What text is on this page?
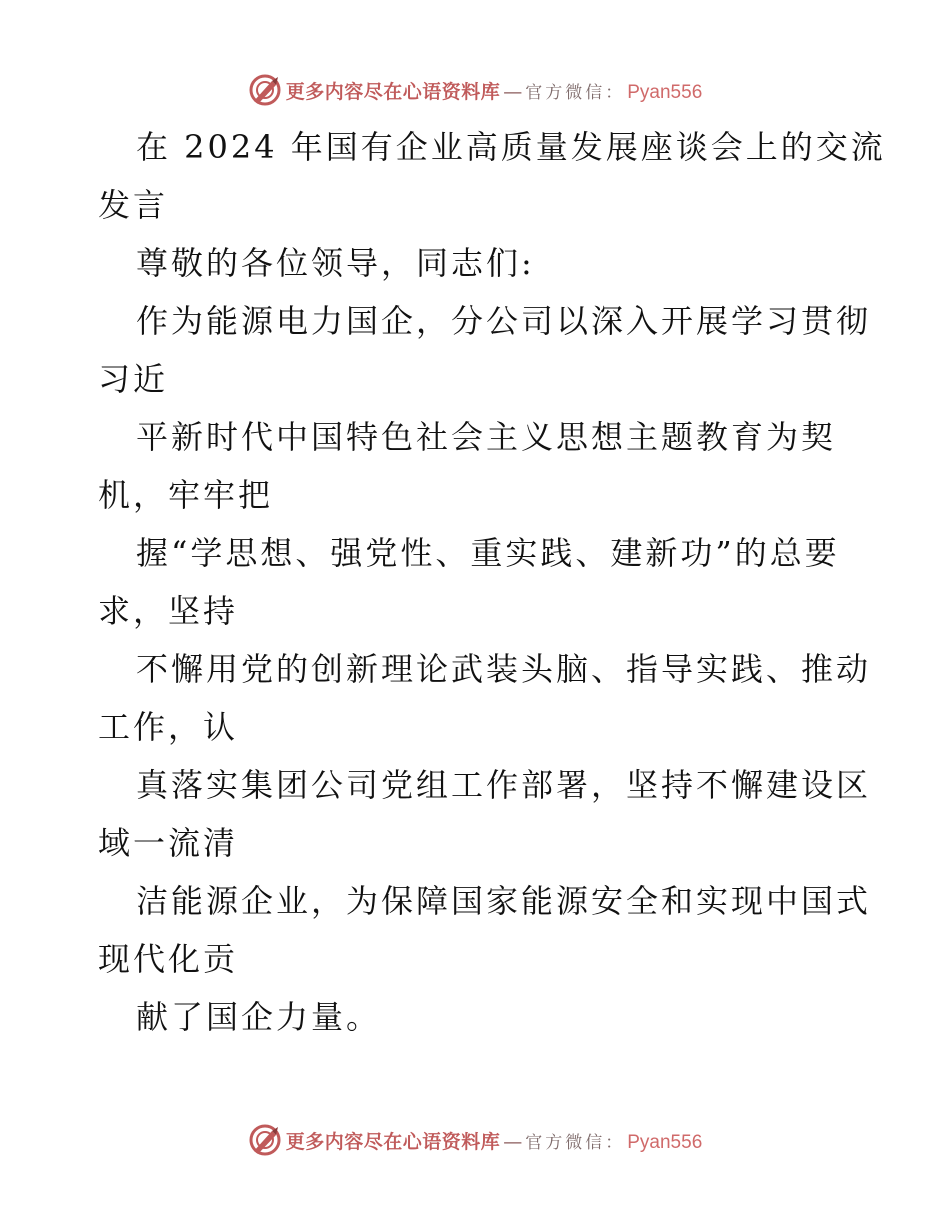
更多内容尽在心语资料库 — 官方微信： Pyan556
在 2024 年国有企业高质量发展座谈会上的交流
发言
尊敬的各位领导，同志们:
作为能源电力国企，分公司以深入开展学习贯彻
习近
平新时代中国特色社会主义思想主题教育为契
机，牢牢把
握“学思想、强党性、重实践、建新功”的总要
求，坚持
不懈用党的创新理论武装头脑、指导实践、推动
工作，认
真落实集团公司党组工作部署，坚持不懈建设区
域一流清
洁能源企业，为保障国家能源安全和实现中国式
现代化贡
献了国企力量。
更多内容尽在心语资料库 — 官方微信： Pyan556
